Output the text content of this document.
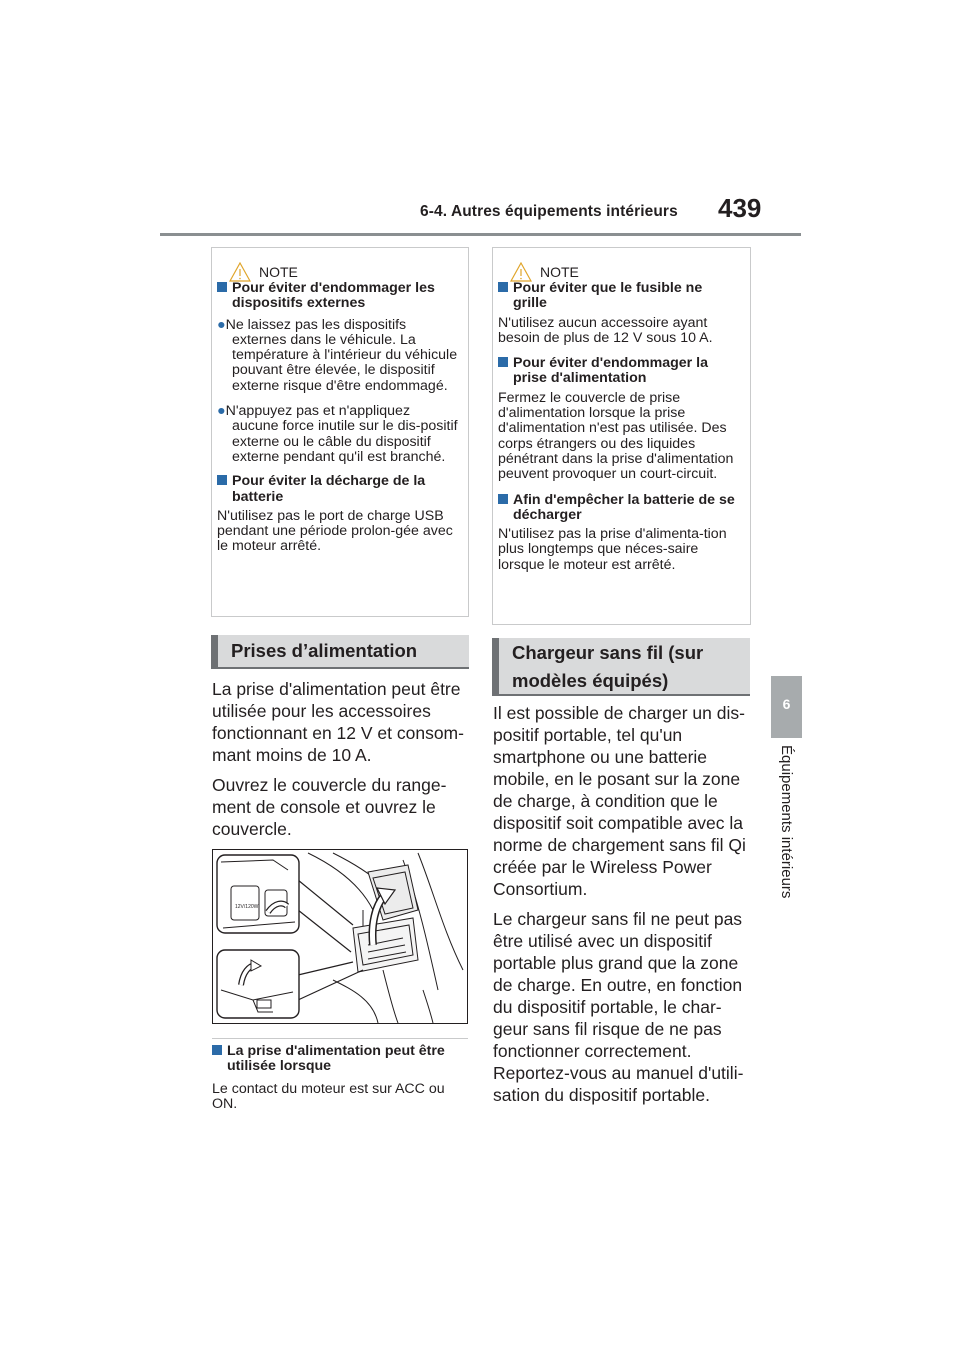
6-4. Autres équipements intérieurs 439
6
Équipements intérieurs
NOTE
Pour éviter d'endommager les dispositifs externes
●Ne laissez pas les dispositifs externes dans le véhicule. La température à l'intérieur du véhicule pouvant être élevée, le dispositif externe risque d'être endommagé.
●N'appuyez pas et n'appliquez aucune force inutile sur le dis-positif externe ou le câble du dispositif externe pendant qu'il est branché.
Pour éviter la décharge de la batterie
N'utilisez pas le port de charge USB pendant une période prolon-gée avec le moteur arrêté.
NOTE
Pour éviter que le fusible ne grille
N'utilisez aucun accessoire ayant besoin de plus de 12 V sous 10 A.
Pour éviter d'endommager la prise d'alimentation
Fermez le couvercle de prise d'alimentation lorsque la prise d'alimentation n'est pas utilisée. Des corps étrangers ou des liquides pénétrant dans la prise d'alimentation peuvent provoquer un court-circuit.
Afin d'empêcher la batterie de se décharger
N'utilisez pas la prise d'alimenta-tion plus longtemps que néces-saire lorsque le moteur est arrêté.
Prises d’alimentation
La prise d'alimentation peut être utilisée pour les accessoires fonctionnant en 12 V et consom-mant moins de 10 A.
Ouvrez le couvercle du range-ment de console et ouvrez le couvercle.
12V/120W
La prise d'alimentation peut être utilisée lorsque
Le contact du moteur est sur ACC ou ON.
Chargeur sans fil (sur
modèles équipés)
Il est possible de charger un dis-positif portable, tel qu'un smartphone ou une batterie mobile, en le posant sur la zone de charge, à condition que le dispositif soit compatible avec la norme de chargement sans fil Qi créée par le Wireless Power Consortium.
Le chargeur sans fil ne peut pas être utilisé avec un dispositif portable plus grand que la zone de charge. En outre, en fonction du dispositif portable, le char-geur sans fil risque de ne pas fonctionner correctement. Reportez-vous au manuel d'utili-sation du dispositif portable.
